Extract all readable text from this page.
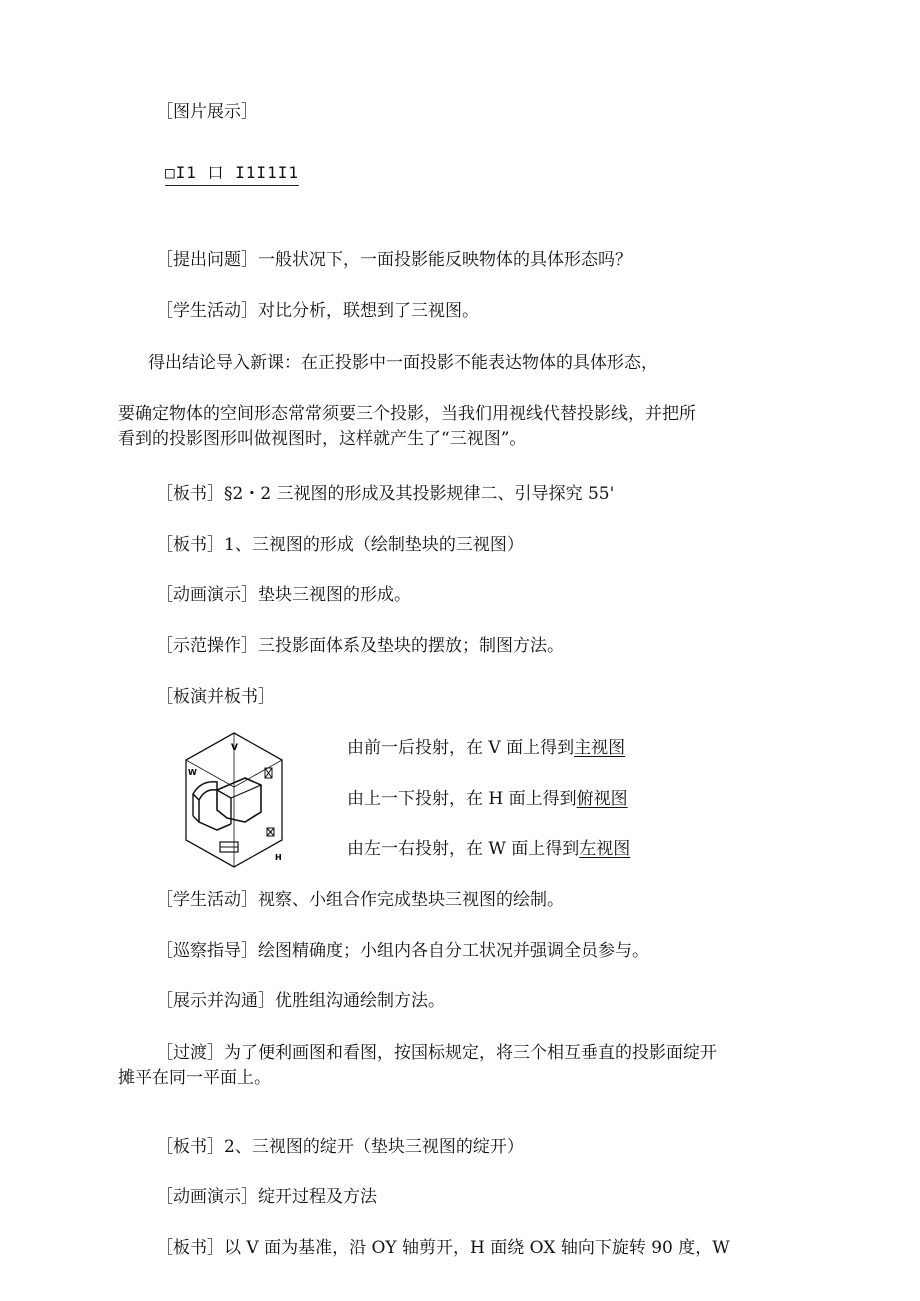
［图片展示］
□I1 口 I1I1I1
［提出问题］一般状况下，一面投影能反映物体的具体形态吗？
［学生活动］对比分析，联想到了三视图。
得出结论导入新课：在正投影中一面投影不能表达物体的具体形态，
要确定物体的空间形态常常须要三个投影，当我们用视线代替投影线，并把所
看到的投影图形叫做视图时，这样就产生了“三视图”。
［板书］§2・2 三视图的形成及其投影规律二、引导探究 55'
［板书］1、三视图的形成（绘制垫块的三视图）
［动画演示］垫块三视图的形成。
［示范操作］三投影面体系及垫块的摆放；制图方法。
［板演并板书］
V
W
H
由前一后投射，在 V 面上得到主视图
由上一下投射，在 H 面上得到俯视图
由左一右投射，在 W 面上得到左视图
［学生活动］视察、小组合作完成垫块三视图的绘制。
［巡察指导］绘图精确度；小组内各自分工状况并强调全员参与。
［展示并沟通］优胜组沟通绘制方法。
［过渡］为了便利画图和看图，按国标规定，将三个相互垂直的投影面绽开
摊平在同一平面上。
［板书］2、三视图的绽开（垫块三视图的绽开）
［动画演示］绽开过程及方法
［板书］以 V 面为基准，沿 OY 轴剪开，H 面绕 OX 轴向下旋转 90 度，W
